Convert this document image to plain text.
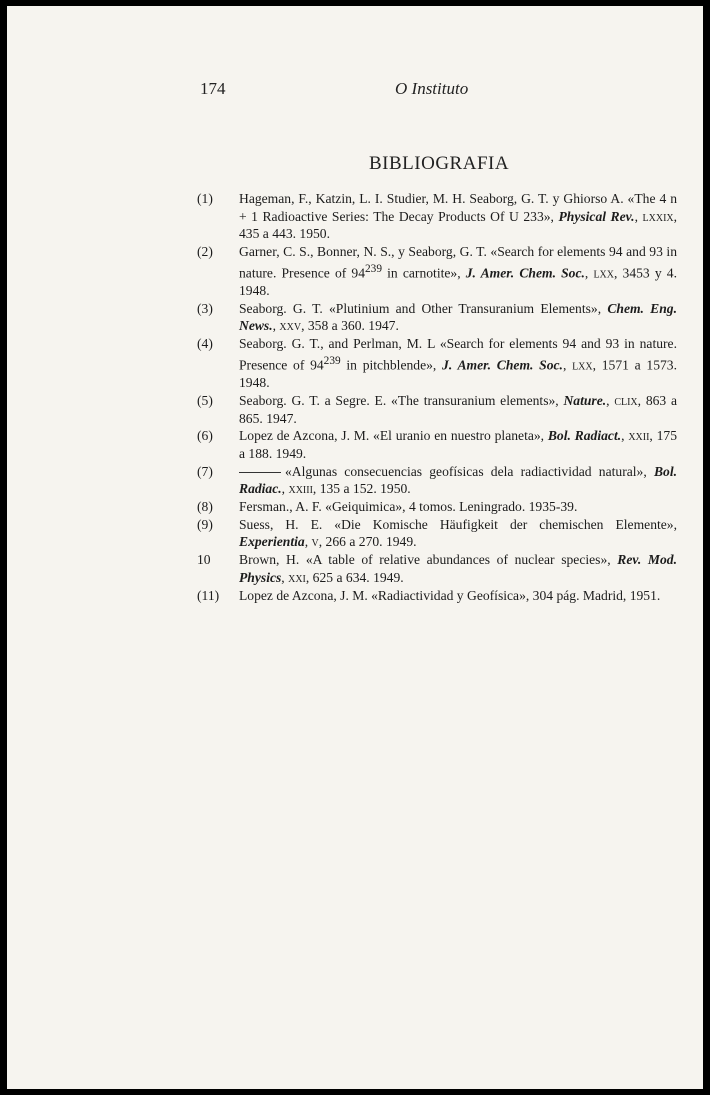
174	O Instituto
BIBLIOGRAFIA
(1)	Hageman, F., Katzin, L. I. Studier, M. H. Seaborg, G. T. y Ghiorso A. «The 4 n + 1 Radioactive Series: The Decay Products Of U 233», Physical Rev., lxxix, 435 a 443. 1950.
(2)	Garner, C. S., Bonner, N. S., y Seaborg, G. T. «Search for elements 94 and 93 in nature. Presence of $94^{239}$ in carnotite», J. Amer. Chem. Soc., lxx, 3453 y 4. 1948.
(3)	Seaborg. G. T. «Plutinium and Other Transuranium Elements», Chem. Eng. News., xxv, 358 a 360. 1947.
(4)	Seaborg. G. T., and Perlman, M. L «Search for elements 94 and 93 in nature. Presence of $94^{239}$ in pitchblende», J. Amer. Chem. Soc., lxx, 1571 a 1573. 1948.
(5)	Seaborg. G. T. a Segre. E. «The transuranium elements», Nature., clix, 863 a 865. 1947.
(6)	Lopez de Azcona, J. M. «El uranio en nuestro planeta», Bol. Radiact., xxii, 175 a 188. 1949.
(7)	«Algunas consecuencias geofísicas dela radiactividad natural», Bol. Radiac., xxiii, 135 a 152. 1950.
(8)	Fersman., A. F. «Geiquimica», 4 tomos. Leningrado. 1935-39.
(9)	Suess, H. E. «Die Komische Häufigkeit der chemischen Elemente», Experientia, v, 266 a 270. 1949.
10	Brown, H. «A table of relative abundances of nuclear species», Rev. Mod. Physics, xxi, 625 a 634. 1949.
(11)	Lopez de Azcona, J. M. «Radiactividad y Geofísica», 304 pág. Madrid, 1951.
